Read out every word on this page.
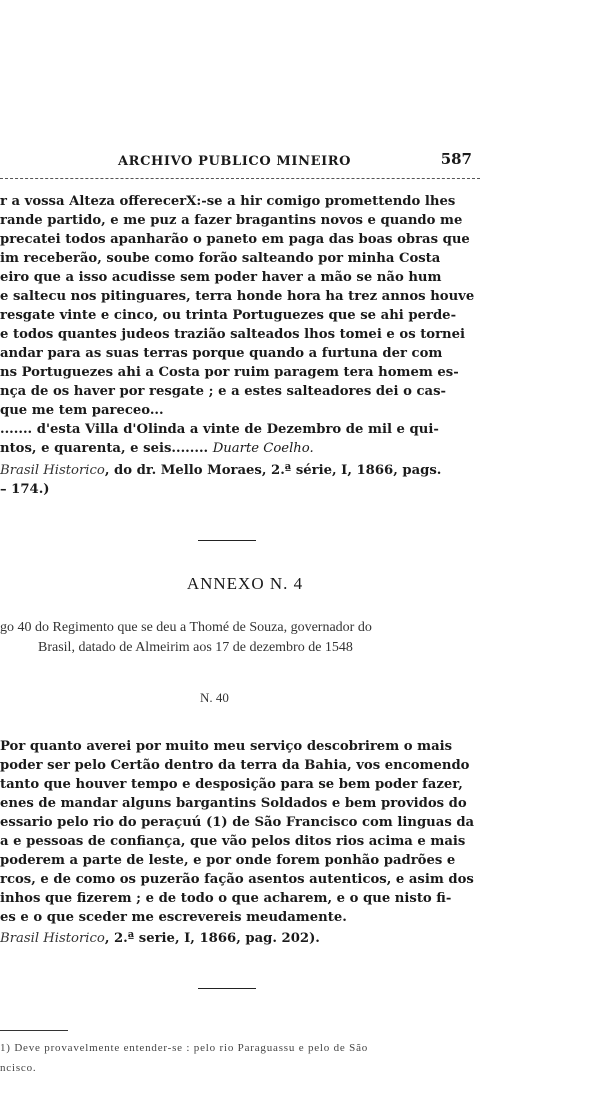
ARCHIVO PUBLICO MINEIRO	587
r a vossa Alteza offerecerX:-se a hir comigo promettendo lhes
rande partido, e me puz a fazer bragantins novos e quando me
precatei todos apanharão o paneto em paga das boas obras que
im receberão, soube como forão salteando por minha Costa
eiro que a isso acudisse sem poder haver a mão se não hum
e saltecu nos pitinguares, terra honde hora ha trez annos houve
resgate vinte e cinco, ou trinta Portuguezes que se ahi perde-
e todos quantes judeos trazião salteados lhos tomei e os tornei
andar para as suas terras porque quando a furtuna der com
ns Portuguezes ahi a Costa por ruim paragem tera homem es-
nça de os haver por resgate ; e a estes salteadores dei o cas-
que me tem pareceo...
....... d'esta Villa d'Olinda a vinte de Dezembro de mil e qui-
ntos, e quarenta, e seis........ Duarte Coelho.
Brasil Historico, do dr. Mello Moraes, 2.ª série, I, 1866, pags.
– 174.)
ANNEXO N. 4
go 40 do Regimento que se deu a Thomé de Souza, governador do
Brasil, datado de Almeirim aos 17 de dezembro de 1548
N. 40
Por quanto averei por muito meu serviço descobrirem o mais
poder ser pelo Certão dentro da terra da Bahia, vos encomendo
tanto que houver tempo e desposição para se bem poder fazer,
enes de mandar alguns bargantins Soldados e bem providos do
essario pelo rio do peraçuú (1) de São Francisco com linguas da
a e pessoas de confiança, que vão pelos ditos rios acima e mais
poderem a parte de leste, e por onde forem ponhão padrões e
rcos, e de como os puzerão fação asentos autenticos, e asim dos
inhos que fizerem ; e de todo o que acharem, e o que nisto fi-
es e o que sceder me escrevereis meudamente.
Brasil Historico, 2.ª serie, I, 1866, pag. 202).
1) Deve provavelmente entender-se : pelo rio Paraguassu e pelo de São
ncisco.
